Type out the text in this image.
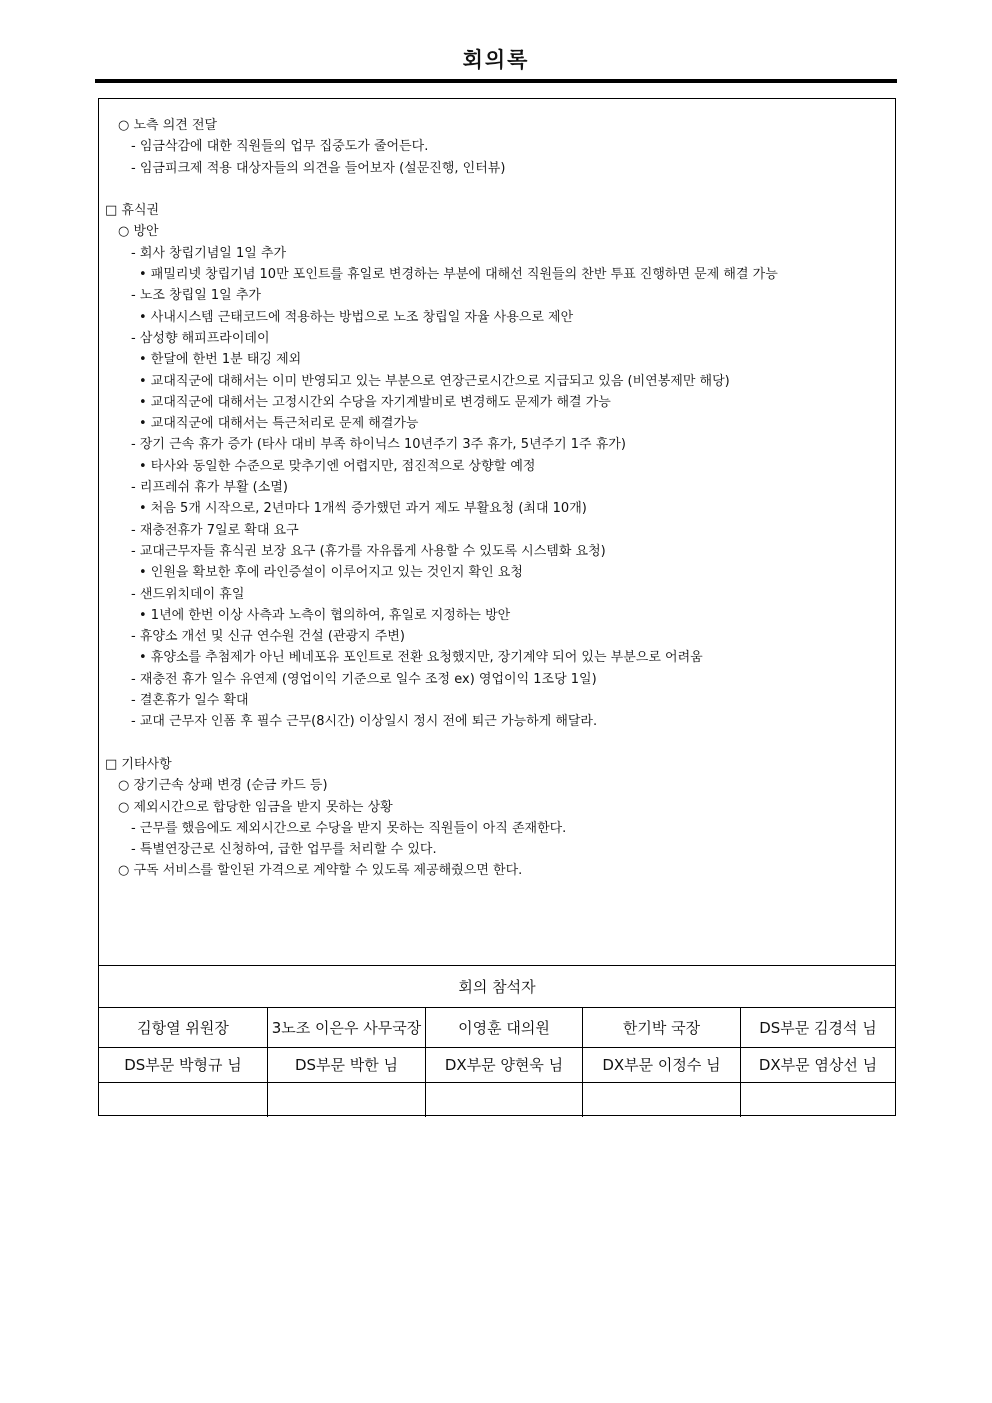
회의록
○ 노측 의견 전달
- 임금삭감에 대한 직원들의 업무 집중도가 줄어든다.
- 임금피크제 적용 대상자들의 의견을 들어보자 (설문진행, 인터뷰)
□ 휴식권
○ 방안
- 회사 창립기념일 1일 추가
• 패밀리넷 창립기념 10만 포인트를 휴일로 변경하는 부분에 대해선 직원들의 찬반 투표 진행하면 문제 해결 가능
- 노조 창립일 1일 추가
• 사내시스템 근태코드에 적용하는 방법으로 노조 창립일 자율 사용으로 제안
- 삼성향 해피프라이데이
• 한달에 한번 1분 태깅 제외
• 교대직군에 대해서는 이미 반영되고 있는 부분으로 연장근로시간으로 지급되고 있음 (비연봉제만 해당)
• 교대직군에 대해서는 고정시간외 수당을 자기계발비로 변경해도 문제가 해결 가능
• 교대직군에 대해서는 특근처리로 문제 해결가능
- 장기 근속 휴가 증가 (타사 대비 부족 하이닉스 10년주기 3주 휴가, 5년주기 1주 휴가)
• 타사와 동일한 수준으로 맞추기엔 어렵지만, 점진적으로 상향할 예정
- 리프레쉬 휴가 부활 (소멸)
• 처음 5개 시작으로, 2년마다 1개씩 증가했던 과거 제도 부활요청 (최대 10개)
- 재충전휴가 7일로 확대 요구
- 교대근무자들 휴식권 보장 요구 (휴가를 자유롭게 사용할 수 있도록 시스템화 요청)
• 인원을 확보한 후에 라인증설이 이루어지고 있는 것인지 확인 요청
- 샌드위치데이 휴일
• 1년에 한번 이상 사측과 노측이 협의하여, 휴일로 지정하는 방안
- 휴양소 개선 및 신규 연수원 건설 (관광지 주변)
• 휴양소를 추첨제가 아닌 베네포유 포인트로 전환 요청했지만, 장기계약 되어 있는 부분으로 어려움
- 재충전 휴가 일수 유연제 (영업이익 기준으로 일수 조정 ex) 영업이익 1조당 1일)
- 결혼휴가 일수 확대
- 교대 근무자 인폼 후 필수 근무(8시간) 이상일시 정시 전에 퇴근 가능하게 해달라.
□ 기타사항
○ 장기근속 상패 변경 (순금 카드 등)
○ 제외시간으로 합당한 임금을 받지 못하는 상황
- 근무를 했음에도 제외시간으로 수당을 받지 못하는 직원들이 아직 존재한다.
- 특별연장근로 신청하여, 급한 업무를 처리할 수 있다.
○ 구독 서비스를 할인된 가격으로 계약할 수 있도록 제공해줬으면 한다.
회의 참석자
김항열 위원장	3노조 이은우 사무국장	이영훈 대의원	한기박 국장	DS부문 김경석 님
DS부문 박형규 님	DS부문 박한 님	DX부문 양현욱 님	DX부문 이정수 님	DX부문 염상선 님
